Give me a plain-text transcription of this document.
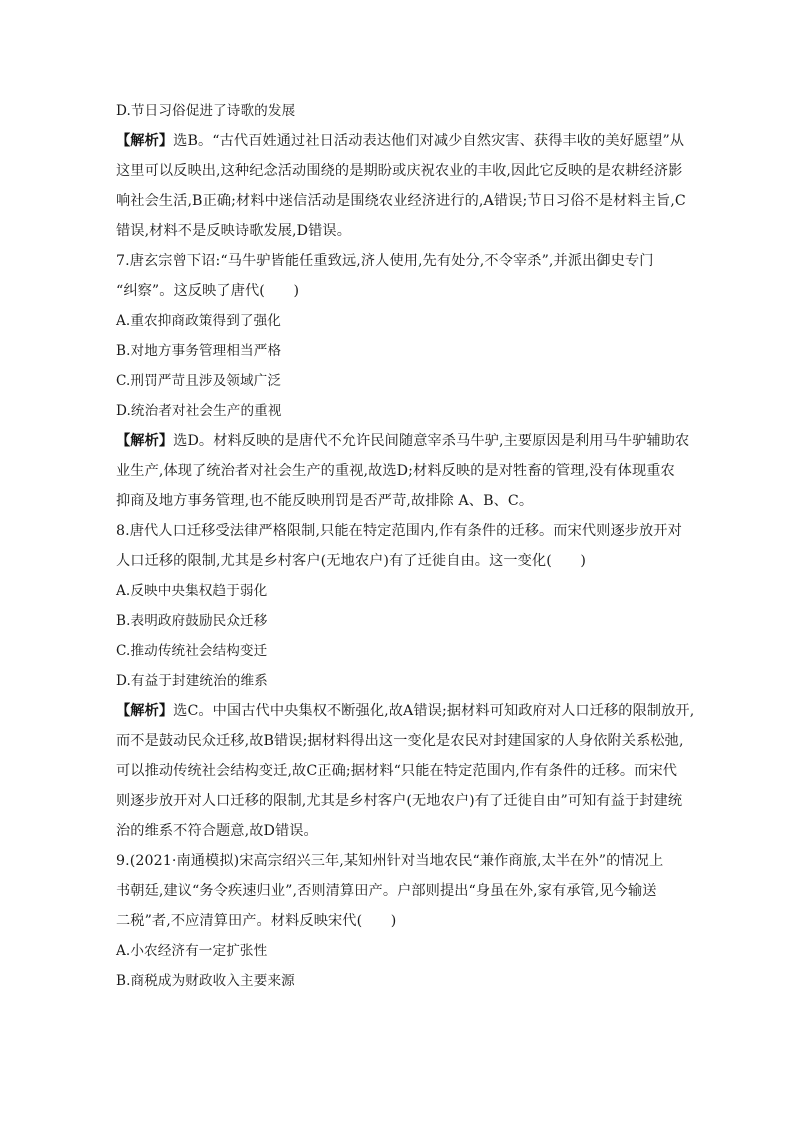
D.节日习俗促进了诗歌的发展
【解析】选B。“古代百姓通过社日活动表达他们对减少自然灾害、获得丰收的美好愿望”从
这里可以反映出,这种纪念活动围绕的是期盼或庆祝农业的丰收,因此它反映的是农耕经济影
响社会生活,B正确;材料中迷信活动是围绕农业经济进行的,A错误;节日习俗不是材料主旨,C
错误,材料不是反映诗歌发展,D错误。
7.唐玄宗曾下诏:“马牛驴皆能任重致远,济人使用,先有处分,不令宰杀”,并派出御史专门
“纠察”。这反映了唐代(　　)
A.重农抑商政策得到了强化
B.对地方事务管理相当严格
C.刑罚严苛且涉及领域广泛
D.统治者对社会生产的重视
【解析】选D。材料反映的是唐代不允许民间随意宰杀马牛驴,主要原因是利用马牛驴辅助农
业生产,体现了统治者对社会生产的重视,故选D;材料反映的是对牲畜的管理,没有体现重农
抑商及地方事务管理,也不能反映刑罚是否严苛,故排除 A、B、C。
8.唐代人口迁移受法律严格限制,只能在特定范围内,作有条件的迁移。而宋代则逐步放开对
人口迁移的限制,尤其是乡村客户(无地农户)有了迁徙自由。这一变化(　　)
A.反映中央集权趋于弱化
B.表明政府鼓励民众迁移
C.推动传统社会结构变迁
D.有益于封建统治的维系
【解析】选C。中国古代中央集权不断强化,故A错误;据材料可知政府对人口迁移的限制放开,
而不是鼓动民众迁移,故B错误;据材料得出这一变化是农民对封建国家的人身依附关系松弛,
可以推动传统社会结构变迁,故C正确;据材料“只能在特定范围内,作有条件的迁移。而宋代
则逐步放开对人口迁移的限制,尤其是乡村客户(无地农户)有了迁徙自由”可知有益于封建统
治的维系不符合题意,故D错误。
9.(2021·南通模拟)宋高宗绍兴三年,某知州针对当地农民“兼作商旅,太半在外”的情况上
书朝廷,建议“务令疾速归业”,否则清算田产。户部则提出“身虽在外,家有承管,见今输送
二税”者,不应清算田产。材料反映宋代(　　)
A.小农经济有一定扩张性
B.商税成为财政收入主要来源
